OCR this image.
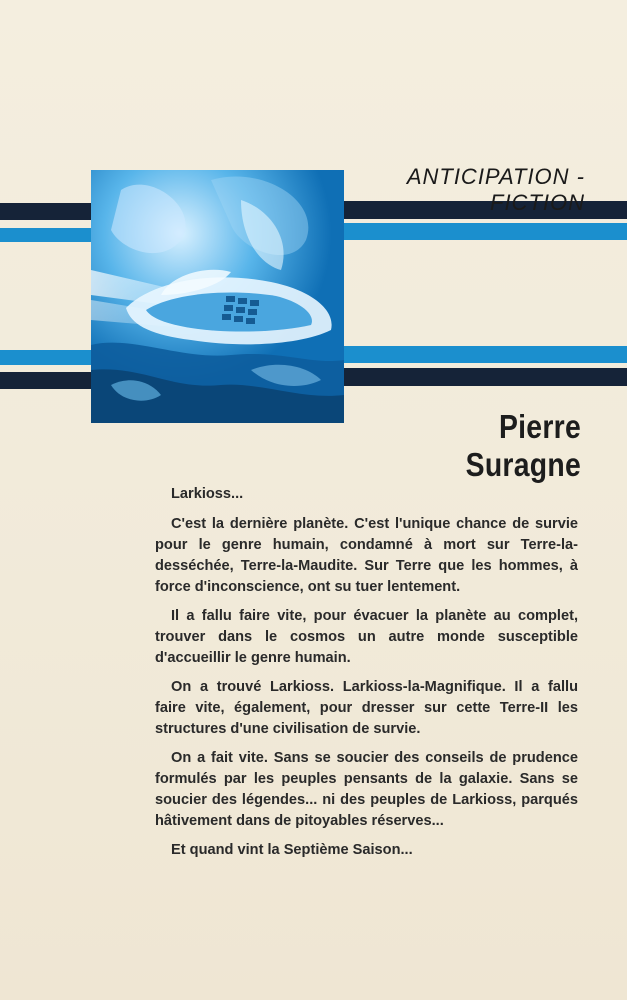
ANTICIPATION - FICTION
Pierre Suragne

Larkioss...

C'est la dernière planète. C'est l'unique chance de survie pour le genre humain, condamné à mort sur Terre-la-desséchée, Terre-la-Maudite. Sur Terre que les hommes, à force d'inconscience, ont su tuer lentement.

Il a fallu faire vite, pour évacuer la planète au complet, trouver dans le cosmos un autre monde susceptible d'accueillir le genre humain.

On a trouvé Larkioss. Larkioss-la-Magnifique. Il a fallu faire vite, également, pour dresser sur cette Terre-II les structures d'une civilisation de survie.

On a fait vite. Sans se soucier des conseils de prudence formulés par les peuples pensants de la galaxie. Sans se soucier des légendes... ni des peuples de Larkioss, parqués hâtivement dans de pitoyables réserves...

Et quand vint la Septième Saison...
